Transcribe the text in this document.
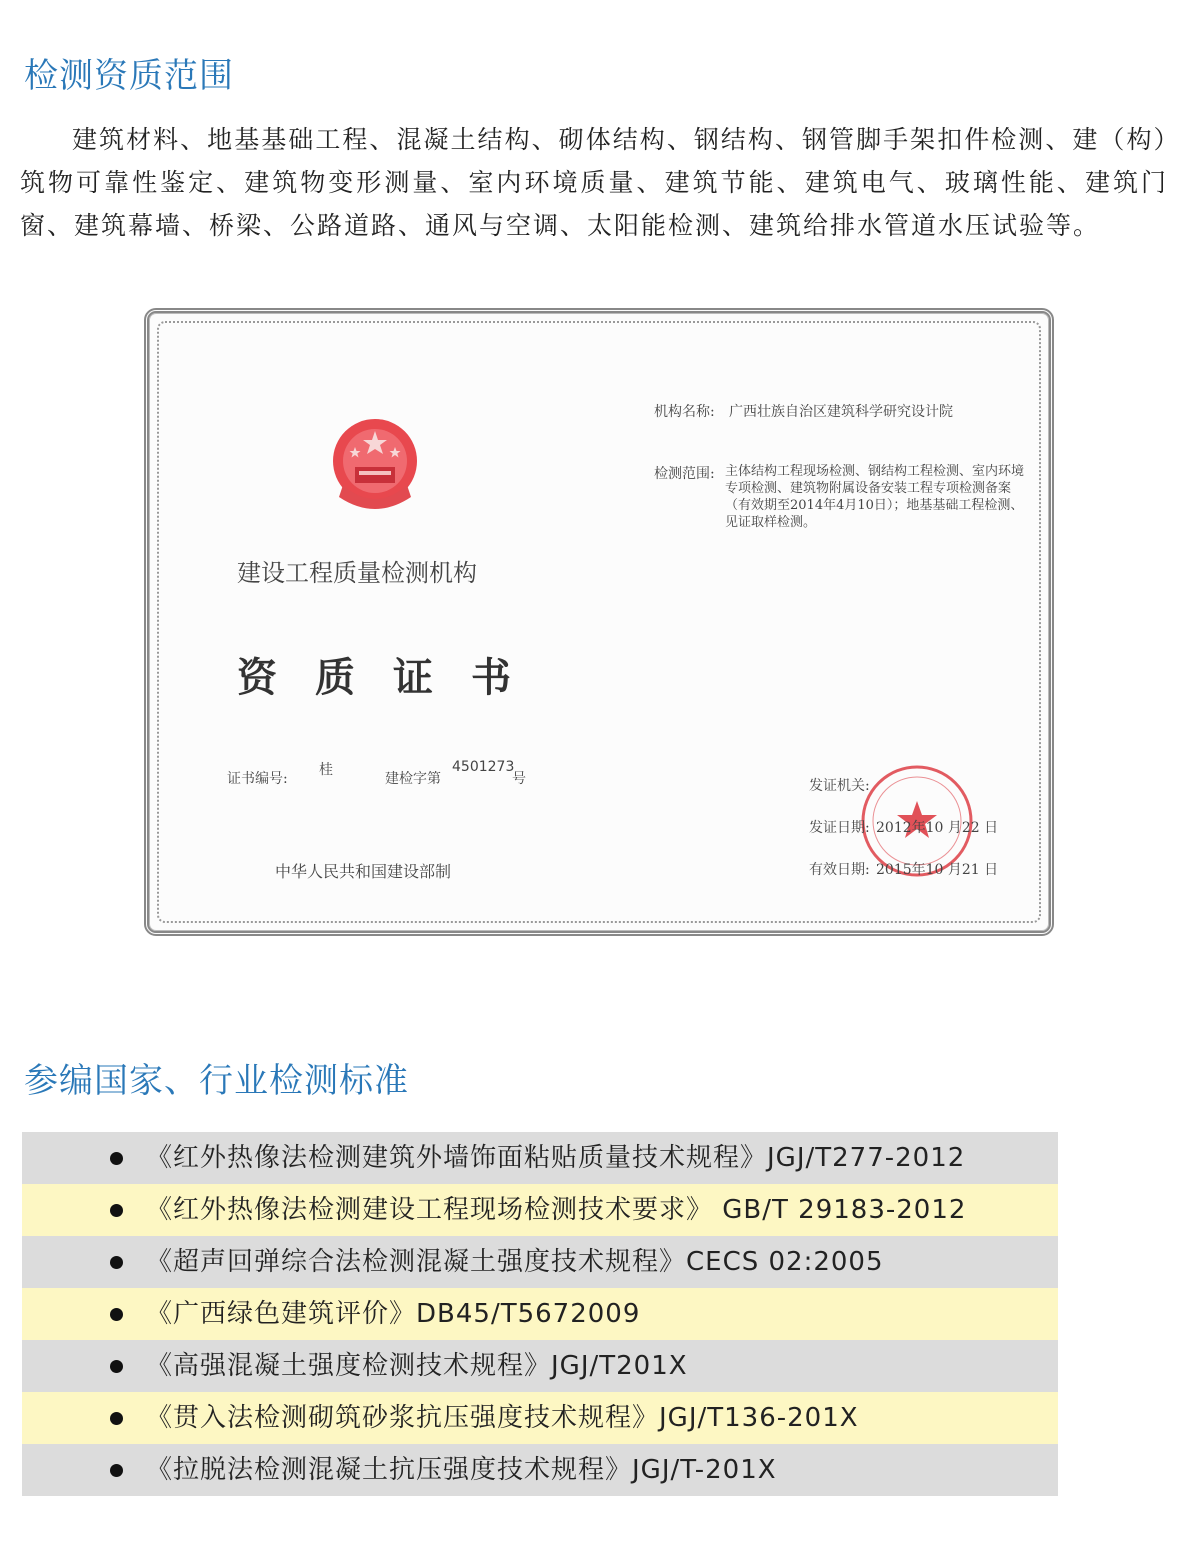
检测资质范围

建筑材料、地基基础工程、混凝土结构、砌体结构、钢结构、钢管脚手架扣件检测、建（构）筑物可靠性鉴定、建筑物变形测量、室内环境质量、建筑节能、建筑电气、玻璃性能、建筑门窗、建筑幕墙、桥梁、公路道路、通风与空调、太阳能检测、建筑给排水管道水压试验等。

机构名称: 广西壮族自治区建筑科学研究设计院
检测范围: 主体结构工程现场检测、钢结构工程检测、室内环境专项检测、建筑物附属设备安装工程专项检测备案（有效期至2014年4月10日）；地基基础工程检测、见证取样检测。
建设工程质量检测机构
资质证书
证书编号:
桂
建检字第
4501273
号	发证机关:
发证日期: 2012年10 月22 日
有效日期: 2015年10 月21 日
中华人民共和国建设部制
参编国家、行业检测标准
《红外热像法检测建筑外墙饰面粘贴质量技术规程》JGJ/T277-2012
《红外热像法检测建设工程现场检测技术要求》 GB/T 29183-2012
《超声回弹综合法检测混凝土强度技术规程》CECS 02:2005
《广西绿色建筑评价》DB45/T5672009
《高强混凝土强度检测技术规程》JGJ/T201X
《贯入法检测砌筑砂浆抗压强度技术规程》JGJ/T136-201X
《拉脱法检测混凝土抗压强度技术规程》JGJ/T-201X
